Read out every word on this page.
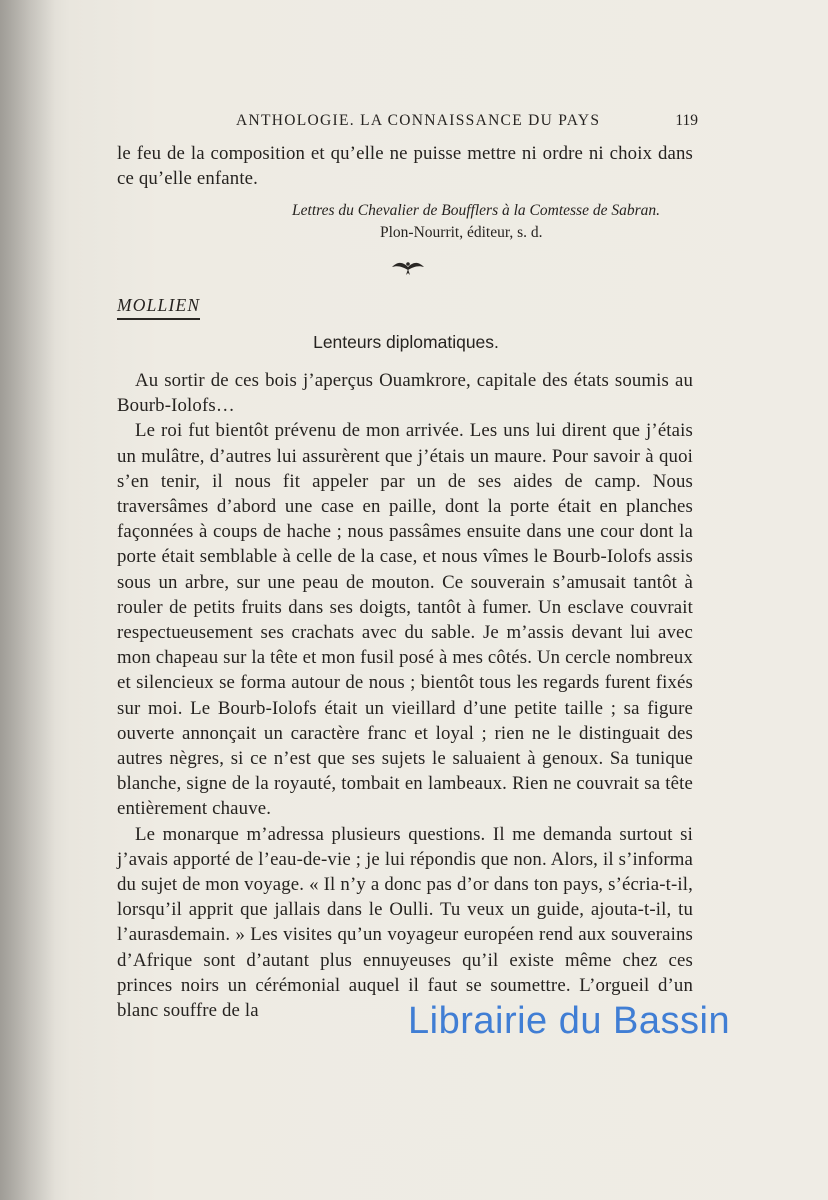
ANTHOLOGIE. LA CONNAISSANCE DU PAYS	119

le feu de la composition et qu’elle ne puisse mettre ni ordre ni choix dans ce qu’elle enfante.

Lettres du Chevalier de Boufflers à la Comtesse de Sabran.
Plon-Nourrit, éditeur, s. d.
MOLLIEN
Lenteurs diplomatiques.

Au sortir de ces bois j’aperçus Ouamkrore, capitale des états soumis au Bourb-Iolofs…

Le roi fut bientôt prévenu de mon arrivée. Les uns lui dirent que j’étais un mulâtre, d’autres lui assurèrent que j’étais un maure. Pour savoir à quoi s’en tenir, il nous fit appeler par un de ses aides de camp. Nous traversâmes d’abord une case en paille, dont la porte était en planches façonnées à coups de hache ; nous passâmes ensuite dans une cour dont la porte était semblable à celle de la case, et nous vîmes le Bourb-Iolofs assis sous un arbre, sur une peau de mouton. Ce souverain s’amusait tantôt à rouler de petits fruits dans ses doigts, tantôt à fumer. Un esclave couvrait respectueusement ses crachats avec du sable. Je m’assis devant lui avec mon chapeau sur la tête et mon fusil posé à mes côtés. Un cercle nombreux et silencieux se forma autour de nous ; bientôt tous les regards furent fixés sur moi. Le Bourb-Iolofs était un vieillard d’une petite taille ; sa figure ouverte annonçait un caractère franc et loyal ; rien ne le distinguait des autres nègres, si ce n’est que ses sujets le saluaient à genoux. Sa tunique blanche, signe de la royauté, tombait en lambeaux. Rien ne couvrait sa tête entièrement chauve.

Le monarque m’adressa plusieurs questions. Il me demanda surtout si j’avais apporté de l’eau-de-vie ; je lui répondis que non. Alors, il s’informa du sujet de mon voyage. « Il n’y a donc pas d’or dans ton pays, s’écria-t-il, lorsqu’il apprit que jallais dans le Oulli. Tu veux un guide, ajouta-t-il, tu l’aurasdemain. » Les visites qu’un voyageur européen rend aux souverains d’Afrique sont d’autant plus ennuyeuses qu’il existe même chez ces princes noirs un cérémonial auquel il faut se soumettre. L’orgueil d’un blanc souffre de la	Librairie du Bassin
